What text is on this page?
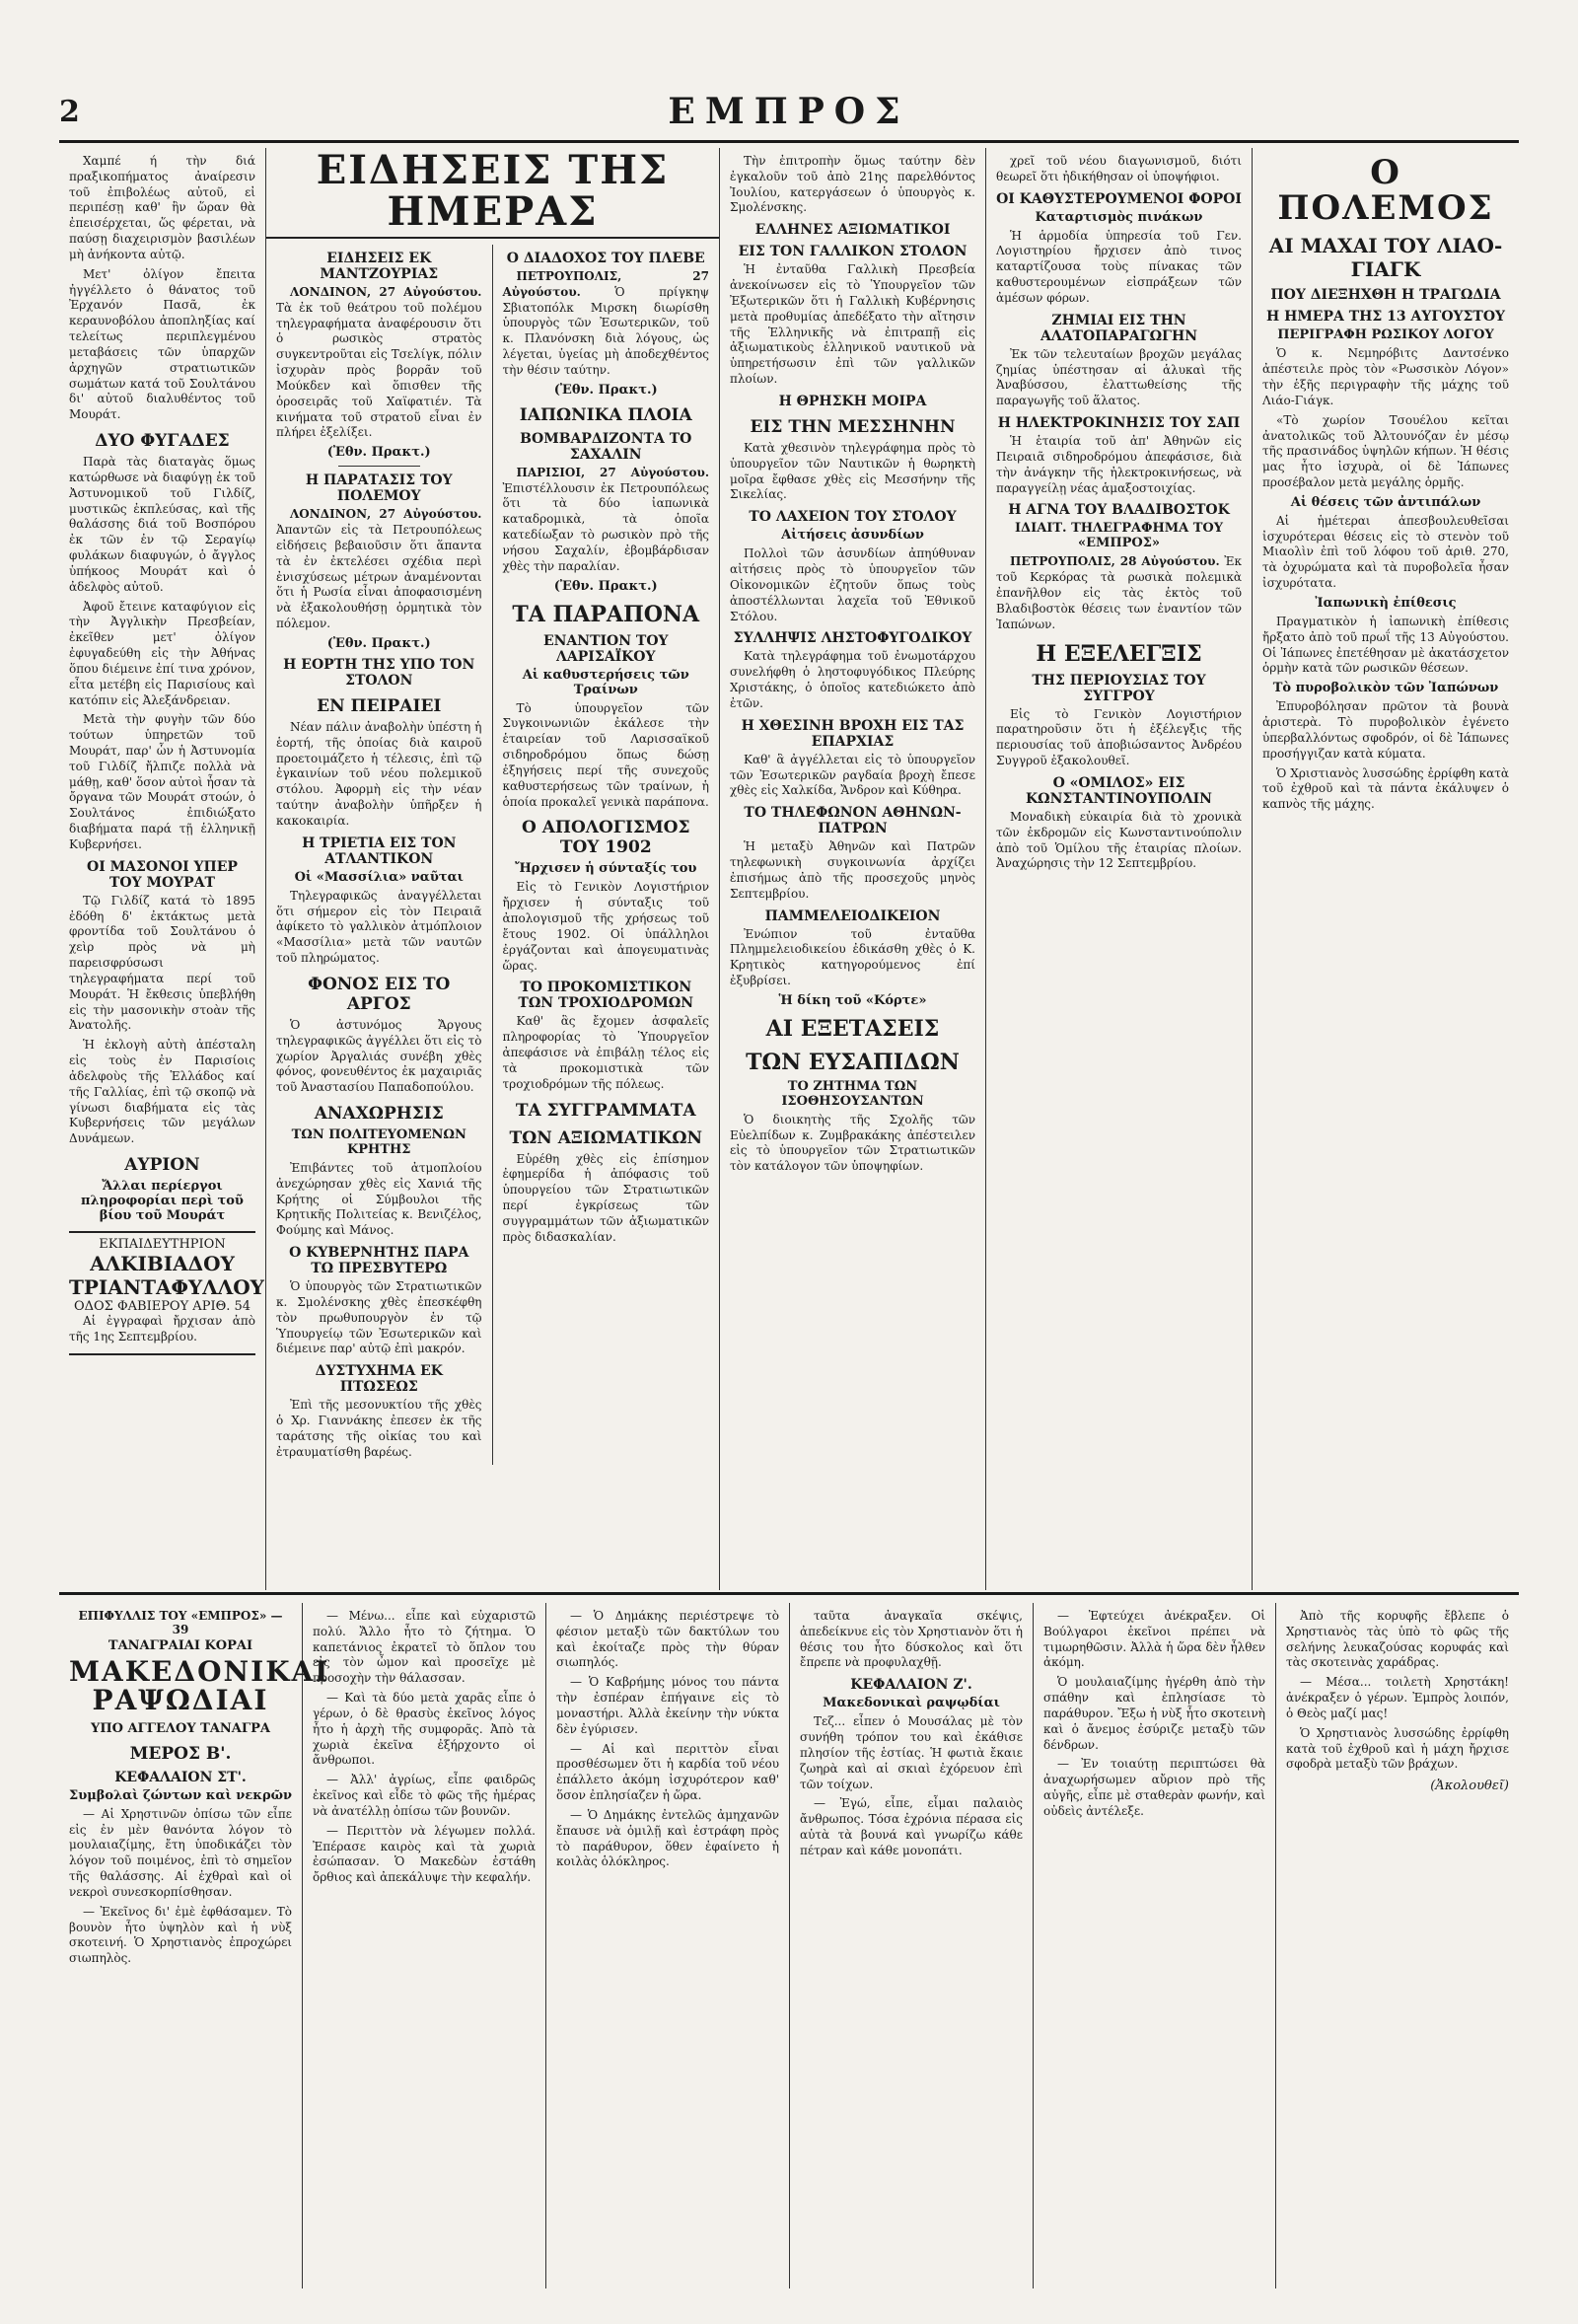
2	ΕΜΠΡΟΣ

Χαμπέ ή τὴν διά πραξικοπήματος ἀναίρεσιν τοῦ ἐπιβολέως αὐτοῦ, εἰ περιπέσῃ καθ' ἣν ὥραν θὰ ἐπεισέρχεται, ὥς φέρεται, νὰ παύσῃ διαχειρισμὸν βασιλέων μὴ ἀνήκοντα αὐτῷ.

Μετ' ὀλίγον ἔπειτα ἠγγέλλετο ὁ θάνατος τοῦ Ἐρχανόν Πασᾶ, ἐκ κεραυνοβόλου ἀποπληξίας καί τελείτως περιπλεγμένου μεταβάσεις τῶν ὑπαρχῶν ἀρχηγῶν στρατιωτικῶν σωμάτων κατά τοῦ Σουλτάνου δι' αὐτοῦ διαλυθέντος τοῦ Μουράτ.

ΔΥΟ ΦΥΓΑΔΕΣ

Παρὰ τὰς διαταγὰς ὅμως κατώρθωσε νὰ διαφύγῃ ἐκ τοῦ Ἀστυνομικοῦ τοῦ Γιλδίζ, μυστικῶς ἐκπλεύσας, καὶ τῆς θαλάσσης διά τοῦ Βοσπόρου ἐκ τῶν ἐν τῷ Σεραγίῳ φυλάκων διαφυγών, ὁ ἄγγλος ὑπήκοος Μουράτ καὶ ὁ ἀδελφὸς αὐτοῦ.

Ἀφοῦ ἔτεινε καταφύγιον εἰς τὴν Ἀγγλικὴν Πρεσβείαν, ἐκεῖθεν μετ' ὀλίγον ἐφυγαδεύθη εἰς τὴν Ἀθήνας ὅπου διέμεινε ἐπί τινα χρόνον, εἶτα μετέβη εἰς Παρισίους καὶ κατόπιν εἰς Ἀλεξάνδρειαν.

Μετὰ τὴν φυγὴν τῶν δύο τούτων ὑπηρετῶν τοῦ Μουράτ, παρ' ὧν ἡ Ἀστυνομία τοῦ Γιλδίζ ἤλπιζε πολλὰ νὰ μάθῃ, καθ' ὅσον αὐτοὶ ἦσαν τὰ ὄργανα τῶν Μουράτ στοών, ὁ Σουλτάνος ἐπιδιώξατο διαβήματα παρά τῇ ἑλληνικῇ Κυβερνήσει.

ΟΙ ΜΑΣΟΝΟΙ ΥΠΕΡ ΤΟΥ ΜΟΥΡΑΤ

Τῷ Γιλδίζ κατά τὸ 1895 ἐδόθη δ' ἐκτάκτως μετὰ φροντίδα τοῦ Σουλτάνου ὁ χεὶρ πρὸς νὰ μὴ παρεισφρύσωσι τηλεγραφήματα περί τοῦ Μουράτ. Ἡ ἔκθεσις ὑπεβλήθη εἰς τὴν μασονικὴν στοὰν τῆς Ἀνατολῆς.

Ἡ ἐκλογὴ αὐτὴ ἀπέσταλη εἰς τοὺς ἐν Παρισίοις ἀδελφοὺς τῆς Ἑλλάδος καί τῆς Γαλλίας, ἐπὶ τῷ σκοπῷ νὰ γίνωσι διαβήματα εἰς τὰς Κυβερνήσεις τῶν μεγάλων Δυνάμεων.

ΑΥΡΙΟΝ
Ἄλλαι περίεργοι πληροφορίαι περὶ τοῦ βίου τοῦ Μουράτ
ΕΚΠΑΙΔΕΥΤΗΡΙΟΝ
ΑΛΚΙΒΙΑΔΟΥ ΤΡΙΑΝΤΑΦΥΛΛΟΥ
ΟΔΟΣ ΦΑΒΙΕΡΟΥ ΑΡΙΘ. 54

Αἱ ἐγγραφαὶ ἤρχισαν ἀπὸ τῆς 1ης Σεπτεμβρίου.

ΕΙΔΗΣΕΙΣ ΤΗΣ ΗΜΕΡΑΣ
ΕΙΔΗΣΕΙΣ ΕΚ ΜΑΝΤΖΟΥΡΙΑΣ

ΛΟΝΔΙΝΟΝ, 27 Αὐγούστου. Τὰ ἐκ τοῦ θεάτρου τοῦ πολέμου τηλεγραφήματα ἀναφέρουσιν ὅτι ὁ ρωσικὸς στρατὸς συγκεντροῦται εἰς Τσελίγκ, πόλιν ἰσχυρὰν πρὸς βορρᾶν τοῦ Μούκδεν καὶ ὅπισθεν τῆς ὁροσειρᾶς τοῦ Χαϊφατιέν. Τὰ κινήματα τοῦ στρατοῦ εἶναι ἐν πλήρει ἐξελίξει.

(Ἐθν. Πρακτ.)
Η ΠΑΡΑΤΑΣΙΣ ΤΟΥ ΠΟΛΕΜΟΥ

ΛΟΝΔΙΝΟΝ, 27 Αὐγούστου. Ἀπαντῶν εἰς τὰ Πετρουπόλεως εἰδήσεις βεβαιοῦσιν ὅτι ἅπαντα τὰ ἐν ἐκτελέσει σχέδια περὶ ἐνισχύσεως μέτρων ἀναμένονται ὅτι ἡ Ρωσία εἶναι ἀποφασισμένη νὰ ἐξακολουθήσῃ ὁρμητικὰ τὸν πόλεμον.

(Ἐθν. Πρακτ.)
Η ΕΟΡΤΗ ΤΗΣ ΥΠΟ ΤΟΝ ΣΤΟΛΟΝ
ΕΝ ΠΕΙΡΑΙΕΙ

Νέαν πάλιν ἀναβολὴν ὑπέστη ἡ ἑορτή, τῆς ὁποίας διὰ καιροῦ προετοιμάζετο ἡ τέλεσις, ἐπὶ τῷ ἐγκαινίων τοῦ νέου πολεμικοῦ στόλου. Ἀφορμὴ εἰς τὴν νέαν ταύτην ἀναβολὴν ὑπῆρξεν ἡ κακοκαιρία.

Η ΤΡΙΕΤΙΑ ΕΙΣ ΤΟΝ ΑΤΛΑΝΤΙΚΟΝ
Οἱ «Μασσίλια» ναῦται

Τηλεγραφικῶς ἀναγγέλλεται ὅτι σήμερον εἰς τὸν Πειραιᾶ ἀφίκετο τὸ γαλλικὸν ἀτμόπλοιον «Μασσίλια» μετὰ τῶν ναυτῶν τοῦ πληρώματος.

ΦΟΝΟΣ ΕΙΣ ΤΟ ΑΡΓΟΣ

Ὁ ἀστυνόμος Ἄργους τηλεγραφικῶς ἀγγέλλει ὅτι εἰς τὸ χωρίον Ἀργαλιάς συνέβη χθὲς φόνος, φονευθέντος ἐκ μαχαιριᾶς τοῦ Ἀναστασίου Παπαδοπούλου.

ΑΝΑΧΩΡΗΣΙΣ
ΤΩΝ ΠΟΛΙΤΕΥΟΜΕΝΩΝ ΚΡΗΤΗΣ

Ἐπιβάντες τοῦ ἀτμοπλοίου ἀνεχώρησαν χθὲς εἰς Χανιά τῆς Κρήτης οἱ Σύμβουλοι τῆς Κρητικῆς Πολιτείας κ. Βενιζέλος, Φούμης καὶ Μάνος.

Ο ΚΥΒΕΡΝΗΤΗΣ ΠΑΡΑ ΤΩ ΠΡΕΣΒΥΤΕΡΩ

Ὁ ὑπουργὸς τῶν Στρατιωτικῶν κ. Σμολένσκης χθὲς ἐπεσκέφθη τὸν πρωθυπουργὸν ἐν τῷ Ὑπουργείῳ τῶν Ἐσωτερικῶν καὶ διέμεινε παρ' αὐτῷ ἐπὶ μακρόν.

ΔΥΣΤΥΧΗΜΑ ΕΚ ΠΤΩΣΕΩΣ

Ἐπὶ τῆς μεσονυκτίου τῆς χθὲς ὁ Χρ. Γιαννάκης ἐπεσεν ἐκ τῆς ταράτσης τῆς οἰκίας του καὶ ἐτραυματίσθη βαρέως.

Ο ΔΙΑΔΟΧΟΣ ΤΟΥ ΠΛΕΒΕ

ΠΕΤΡΟΥΠΟΛΙΣ, 27 Αὐγούστου.	Ὁ πρίγκηψ Σβιατοπόλκ Μιρσκη διωρίσθη ὑπουργὸς τῶν Ἐσωτερικῶν, τοῦ κ. Πλανόνσκη διὰ λόγους, ὡς λέγεται, ὑγείας μὴ ἀποδεχθέντος τὴν θέσιν ταύτην.

(Ἐθν. Πρακτ.)
ΙΑΠΩΝΙΚΑ ΠΛΟΙΑ
ΒΟΜΒΑΡΔΙΖΟΝΤΑ ΤΟ ΣΑΧΑΛΙΝ

ΠΑΡΙΣΙΟΙ, 27 Αὐγούστου. Ἐπιστέλλουσιν ἐκ Πετρουπόλεως ὅτι τὰ δύο ἰαπωνικὰ καταδρομικὰ, τὰ ὁποῖα κατεδίωξαν τὸ ρωσικὸν πρὸ τῆς νήσου Σαχαλίν, ἐβομβάρδισαν χθὲς τὴν παραλίαν.

(Ἐθν. Πρακτ.)
ΤΑ ΠΑΡΑΠΟΝΑ
ΕΝΑΝΤΙΟΝ ΤΟΥ ΛΑΡΙΣΑΪΚΟΥ
Αἱ καθυστερήσεις τῶν Τραίνων

Τὸ ὑπουργεῖον τῶν Συγκοινωνιῶν ἐκάλεσε τὴν ἑταιρείαν τοῦ Λαρισσαϊκοῦ σιδηροδρόμου ὅπως δώσῃ ἐξηγήσεις περί τῆς συνεχοῦς καθυστερήσεως τῶν τραίνων, ἡ ὁποία προκαλεῖ γενικὰ παράπονα.

Ο ΑΠΟΛΟΓΙΣΜΟΣ ΤΟΥ 1902
Ἤρχισεν ἡ σύνταξίς του

Εἰς τὸ Γενικὸν Λογιστήριον ἤρχισεν ἡ σύνταξις τοῦ ἀπολογισμοῦ τῆς χρήσεως τοῦ ἔτους 1902. Οἱ ὑπάλληλοι ἐργάζονται καὶ ἀπογευματινὰς ὥρας.

ΤΟ ΠΡΟΚΟΜΙΣΤΙΚΟΝ ΤΩΝ ΤΡΟΧΙΟΔΡΟΜΩΝ

Καθ' ἃς ἔχομεν ἀσφαλεῖς πληροφορίας τὸ Ὑπουργεῖον ἀπεφάσισε νὰ ἐπιβάλῃ τέλος εἰς τὰ προκομιστικὰ τῶν τροχιοδρόμων τῆς πόλεως.

ΤΑ ΣΥΓΓΡΑΜΜΑΤΑ
ΤΩΝ ΑΞΙΩΜΑΤΙΚΩΝ

Εὑρέθη χθὲς εἰς ἐπίσημον ἐφημερίδα ἡ ἀπόφασις τοῦ ὑπουργείου τῶν Στρατιωτικῶν περί ἐγκρίσεως τῶν συγγραμμάτων τῶν ἀξιωματικῶν πρὸς διδασκαλίαν.

Τὴν ἐπιτροπὴν ὅμως ταύτην δὲν ἐγκαλοῦν τοῦ ἀπὸ 21ης παρελθόντος Ἰουλίου, κατεργάσεων ὁ ὑπουργὸς κ. Σμολένσκης.

ΕΛΛΗΝΕΣ ΑΞΙΩΜΑΤΙΚΟΙ
ΕΙΣ ΤΟΝ ΓΑΛΛΙΚΟΝ ΣΤΟΛΟΝ

Ἡ ἐνταῦθα Γαλλικὴ Πρεσβεία ἀνεκοίνωσεν εἰς τὸ Ὑπουργεῖον τῶν Ἐξωτερικῶν ὅτι ἡ Γαλλικὴ Κυβέρνησις μετὰ προθυμίας ἀπεδέξατο τὴν αἴτησιν τῆς Ἑλληνικῆς νὰ ἐπιτραπῇ εἰς ἀξιωματικοὺς ἑλληνικοῦ ναυτικοῦ νὰ ὑπηρετήσωσιν ἐπὶ τῶν γαλλικῶν πλοίων.

Η ΘΡΗΣΚΗ ΜΟΙΡΑ
ΕΙΣ ΤΗΝ ΜΕΣΣΗΝΗΝ

Κατὰ χθεσινὸν τηλεγράφημα πρὸς τὸ ὑπουργεῖον τῶν Ναυτικῶν ἡ θωρηκτὴ μοῖρα ἔφθασε χθὲς εἰς Μεσσήνην τῆς Σικελίας.

ΤΟ ΛΑΧΕΙΟΝ ΤΟΥ ΣΤΟΛΟΥ
Αἰτήσεις ἀσυνδίων

Πολλοὶ τῶν ἀσυνδίων ἀπηύθυναν αἰτήσεις πρὸς τὸ ὑπουργεῖον τῶν Οἰκονομικῶν ἐζητοῦν ὅπως τοὺς ἀποστέλλωνται λαχεῖα τοῦ Ἐθνικοῦ Στόλου.

ΣΥΛΛΗΨΙΣ ΛΗΣΤΟΦΥΓΟΔΙΚΟΥ

Κατὰ τηλεγράφημα τοῦ ἐνωμοτάρχου συνελήφθη ὁ ληστοφυγόδικος Πλεύρης Χριστάκης, ὁ ὁποῖος κατεδιώκετο ἀπὸ ἐτῶν.

Η ΧΘΕΣΙΝΗ ΒΡΟΧΗ ΕΙΣ ΤΑΣ ΕΠΑΡΧΙΑΣ

Καθ' ἃ ἀγγέλλεται εἰς τὸ ὑπουργεῖον τῶν Ἐσωτερικῶν ραγδαία βροχὴ ἔπεσε χθὲς εἰς Χαλκίδα, Ἄνδρον καὶ Κύθηρα.

ΤΟ ΤΗΛΕΦΩΝΟΝ ΑΘΗΝΩΝ-ΠΑΤΡΩΝ

Ἡ μεταξὺ Ἀθηνῶν καὶ Πατρῶν τηλεφωνικὴ συγκοινωνία ἀρχίζει ἐπισήμως ἀπὸ τῆς προσεχοῦς μηνὸς Σεπτεμβρίου.

ΠΑΜΜΕΛΕΙΟΔΙΚΕΙΟΝ

Ἐνώπιον τοῦ ἐνταῦθα Πλημμελειοδικείου ἐδικάσθη χθὲς ὁ Κ. Κρητικὸς κατηγορούμενος ἐπί ἐξυβρίσει.

Ἡ δίκη τοῦ «Κόρτε»
ΑΙ ΕΞΕΤΑΣΕΙΣ
ΤΩΝ ΕΥΣΑΠΙΔΩΝ
ΤΟ ΖΗΤΗΜΑ ΤΩΝ ΙΣΟΘΗΣΟΥΣΑΝΤΩΝ

Ὁ διοικητὴς τῆς Σχολῆς τῶν Εὐελπίδων κ. Ζυμβρακάκης ἀπέστειλεν εἰς τὸ ὑπουργεῖον τῶν Στρατιωτικῶν τὸν κατάλογον τῶν ὑποψηφίων.

χρεῖ τοῦ νέου διαγωνισμοῦ, διότι θεωρεῖ ὅτι ἠδικήθησαν οἱ ὑποψήφιοι.

ΟΙ ΚΑΘΥΣΤΕΡΟΥΜΕΝΟΙ ΦΟΡΟΙ
Καταρτισμὸς πινάκων

Ἡ ἁρμοδία ὑπηρεσία τοῦ Γεν. Λογιστηρίου ἤρχισεν ἀπὸ τινος καταρτίζουσα τοὺς πίνακας τῶν καθυστερουμένων εἰσπράξεων τῶν ἀμέσων φόρων.

ΖΗΜΙΑΙ ΕΙΣ ΤΗΝ ΑΛΑΤΟΠΑΡΑΓΩΓΗΝ

Ἐκ τῶν τελευταίων βροχῶν μεγάλας ζημίας ὑπέστησαν αἱ ἁλυκαὶ τῆς Ἀναβύσσου, ἐλαττωθείσης τῆς παραγωγῆς τοῦ ἅλατος.

Η ΗΛΕΚΤΡΟΚΙΝΗΣΙΣ ΤΟΥ ΣΑΠ

Ἡ ἑταιρία τοῦ ἀπ' Ἀθηνῶν εἰς Πειραιᾶ σιδηροδρόμου ἀπεφάσισε, διὰ τὴν ἀνάγκην τῆς ἠλεκτροκινήσεως, νὰ παραγγείλῃ νέας ἁμαξοστοιχίας.

Η ΑΓΝΑ ΤΟΥ ΒΛΑΔΙΒΟΣΤΟΚ
ΙΔΙΑΙΤ. ΤΗΛΕΓΡΑΦΗΜΑ ΤΟΥ «ΕΜΠΡΟΣ»

ΠΕΤΡΟΥΠΟΛΙΣ, 28 Αὐγούστου. Ἐκ τοῦ Κερκόρας τὰ ρωσικὰ πολεμικὰ ἐπανῆλθον εἰς τὰς ἐκτὸς τοῦ Βλαδιβοστὸκ θέσεις των ἐναντίον τῶν Ἰαπώνων.

Η ΕΞΕΛΕΓΞΙΣ
ΤΗΣ ΠΕΡΙΟΥΣΙΑΣ ΤΟΥ ΣΥΓΓΡΟΥ

Εἰς τὸ Γενικὸν Λογιστήριον παρατηροῦσιν ὅτι ἡ ἐξέλεγξις τῆς περιουσίας τοῦ ἀποβιώσαντος Ἀνδρέου Συγγροῦ ἐξακολουθεῖ.

Ο «ΟΜΙΛΟΣ» ΕΙΣ ΚΩΝΣΤΑΝΤΙΝΟΥΠΟΛΙΝ

Μοναδικὴ εὐκαιρία διὰ τὸ χρονικὰ τῶν ἐκδρομῶν εἰς Κωνσταντινούπολιν ἀπὸ τοῦ Ὁμίλου τῆς ἑταιρίας πλοίων. Ἀναχώρησις τὴν 12 Σεπτεμβρίου.

Ο ΠΟΛΕΜΟΣ
ΑΙ ΜΑΧΑΙ ΤΟΥ ΛΙΑΟ-ΓΙΑΓΚ
ΠΟΥ ΔΙΕΞΗΧΘΗ Η ΤΡΑΓΩΔΙΑ
Η ΗΜΕΡΑ ΤΗΣ 13 ΑΥΓΟΥΣΤΟΥ
ΠΕΡΙΓΡΑΦΗ ΡΩΣΙΚΟΥ ΛΟΓΟΥ

Ὁ κ. Νεμηρόβιτς Δαντσένκο ἀπέστειλε πρὸς τὸν «Ρωσσικὸν Λόγον» τὴν ἑξῆς περιγραφὴν τῆς μάχης τοῦ Λιάο-Γιάγκ.

«Τὸ χωρίον Τσουέλου κεῖται ἀνατολικῶς τοῦ Ἀλτουνόζαν ἐν μέσῳ τῆς πρασινάδος ὑψηλῶν κήπων. Ἡ θέσις μας ἦτο ἰσχυρὰ, οἱ δὲ Ἰάπωνες προσέβαλον μετὰ μεγάλης ὁρμῆς.

Αἱ θέσεις τῶν ἀντιπάλων

Αἱ ἡμέτεραι ἀπεσβουλευθεῖσαι ἰσχυρότεραι θέσεις εἰς τὸ στενὸν τοῦ Μιαολὶν ἐπὶ τοῦ λόφου τοῦ ἀριθ. 270, τὰ ὀχυρώματα καὶ τὰ πυροβολεῖα ἦσαν ἰσχυρότατα.

Ἰαπωνικὴ ἐπίθεσις

Πραγματικὸν ἡ ἰαπωνικὴ ἐπίθεσις ἤρξατο ἀπὸ τοῦ πρωΐ τῆς 13 Αὐγούστου. Οἱ Ἰάπωνες ἐπετέθησαν μὲ ἀκατάσχετον ὁρμὴν κατὰ τῶν ρωσικῶν θέσεων.

Τὸ πυροβολικὸν τῶν Ἰαπώνων

Ἐπυροβόλησαν πρῶτον τὰ βουνὰ ἀριστερὰ. Τὸ πυροβολικὸν ἐγένετο ὑπερβαλλόντως σφοδρόν, οἱ δὲ Ἰάπωνες προσήγγιζαν κατὰ κύματα.

Ὁ Χριστιανὸς λυσσώδης ἐρρίφθη κατὰ τοῦ ἐχθροῦ καὶ τὰ πάντα ἐκάλυψεν ὁ καπνὸς τῆς μάχης.

ΕΠΙΦΥΛΛΙΣ ΤΟΥ «ΕΜΠΡΟΣ» — 39
ΤΑΝΑΓΡΑΙΑΙ ΚΟΡΑΙ
ΜΑΚΕΔΟΝΙΚΑΙ ΡΑΨΩΔΙΑΙ
ΥΠΟ ΑΓΓΕΛΟΥ ΤΑΝΑΓΡΑ
ΜΕΡΟΣ Β'.
ΚΕΦΑΛΑΙΟΝ ΣΤ'.
Συμβολαὶ ζώντων καὶ νεκρῶν

— Αἱ Χρηστινῶν ὀπίσω τῶν εἶπε εἰς ἐν μὲν θανόντα λόγον τὸ μουλαιαζίμης, ἔτη ὑποδικάζει τὸν λόγον τοῦ ποιμένος, ἐπὶ τὸ σημεῖον τῆς θαλάσσης. Αἱ ἐχθραὶ καὶ οἱ νεκροὶ συνεσκορπίσθησαν.

— Ἐκεῖνος δι' ἐμὲ ἐφθάσαμεν. Τὸ βουνὸν ἦτο ὑψηλὸν καὶ ἡ νὺξ σκοτεινή. Ὁ Χρηστιανὸς ἐπροχώρει σιωπηλὸς.

— Μένω... εἶπε καὶ εὐχαριστῶ πολύ. Ἄλλο ἦτο τὸ ζήτημα. Ὁ καπετάνιος ἐκρατεῖ τὸ ὅπλον του εἰς τὸν ὦμον καὶ προσεῖχε μὲ προσοχὴν τὴν θάλασσαν.

— Καὶ τὰ δύο μετὰ χαρᾶς εἶπε ὁ γέρων, ὁ δὲ θρασὺς ἐκεῖνος λόγος ἦτο ἡ ἀρχὴ τῆς συμφορᾶς. Ἀπὸ τὰ χωριὰ ἐκεῖνα ἐξήρχοντο οἱ ἄνθρωποι.

— Ἀλλ' ἀγρίως, εἶπε φαιδρῶς ἐκεῖνος καὶ εἶδε τὸ φῶς τῆς ἡμέρας νὰ ἀνατέλλῃ ὀπίσω τῶν βουνῶν.

— Περιττὸν νὰ λέγωμεν πολλά. Ἐπέρασε καιρὸς καὶ τὰ χωριὰ ἐσώπασαν. Ὁ Μακεδὼν ἐστάθη ὄρθιος καὶ ἀπεκάλυψε τὴν κεφαλήν.

— Ὁ Δημάκης περιέστρεψε τὸ φέσιον μεταξὺ τῶν δακτύλων του καὶ ἐκοίταζε πρὸς τὴν θύραν σιωπηλός.

— Ὁ Καβρήμης μόνος του πάντα τὴν ἐσπέραν ἐπήγαινε εἰς τὸ μοναστήρι. Ἀλλὰ ἐκείνην τὴν νύκτα δὲν ἐγύρισεν.

— Αἱ καὶ περιττὸν εἶναι προσθέσωμεν ὅτι ἡ καρδία τοῦ νέου ἐπάλλετο ἀκόμη ἰσχυρότερον καθ' ὅσον ἐπλησίαζεν ἡ ὥρα.

— Ὁ Δημάκης ἐντελῶς ἀμηχανῶν ἔπαυσε νὰ ὁμιλῇ καὶ ἐστράφη πρὸς τὸ παράθυρον, ὅθεν ἐφαίνετο ἡ κοιλὰς ὁλόκληρος.

ταῦτα ἀναγκαῖα σκέψις, ἀπεδείκνυε εἰς τὸν Χρηστιανὸν ὅτι ἡ θέσις του ἦτο δύσκολος καὶ ὅτι ἔπρεπε νὰ προφυλαχθῇ.

ΚΕΦΑΛΑΙΟΝ Ζ'.
Μακεδονικαὶ ραψῳδίαι

Τεζ... εἶπεν ὁ Μουσάλας μὲ τὸν συνήθη τρόπον του καὶ ἐκάθισε πλησίον τῆς ἑστίας. Ἡ φωτιὰ ἔκαιε ζωηρὰ καὶ αἱ σκιαὶ ἐχόρευον ἐπὶ τῶν τοίχων.

— Ἐγώ, εἶπε, εἶμαι παλαιὸς ἄνθρωπος. Τόσα ἐχρόνια πέρασα εἰς αὐτὰ τὰ βουνά καὶ γνωρίζω κάθε πέτραν καὶ κάθε μονοπάτι.

— Ἐφτεύχει ἀνέκραξεν. Οἱ Βούλγαροι ἐκεῖνοι πρέπει νὰ τιμωρηθῶσιν. Ἀλλὰ ἡ ὥρα δὲν ἦλθεν ἀκόμη.

Ὁ μουλαιαζίμης ἠγέρθη ἀπὸ τὴν σπάθην καὶ ἐπλησίασε τὸ παράθυρον. Ἔξω ἡ νὺξ ἦτο σκοτεινὴ καὶ ὁ ἄνεμος ἐσύριζε μεταξὺ τῶν δένδρων.

— Ἐν τοιαύτῃ περιπτώσει θὰ ἀναχωρήσωμεν αὔριον πρὸ τῆς αὐγῆς, εἶπε μὲ σταθερὰν φωνήν, καὶ οὐδεὶς ἀντέλεξε.

Ἀπὸ τῆς κορυφῆς ἔβλεπε ὁ Χρηστιανὸς τὰς ὑπὸ τὸ φῶς τῆς σελήνης λευκαζούσας κορυφάς καὶ τὰς σκοτεινὰς χαράδρας.

— Μέσα... τοιλετὴ Χρηστάκη! ἀνέκραξεν ὁ γέρων. Ἐμπρὸς λοιπόν, ὁ Θεὸς μαζί μας!

Ὁ Χρηστιανὸς λυσσώδης ἐρρίφθη κατὰ τοῦ ἐχθροῦ καὶ ἡ μάχη ἤρχισε σφοδρὰ μεταξὺ τῶν βράχων.

(Ἀκολουθεῖ)
